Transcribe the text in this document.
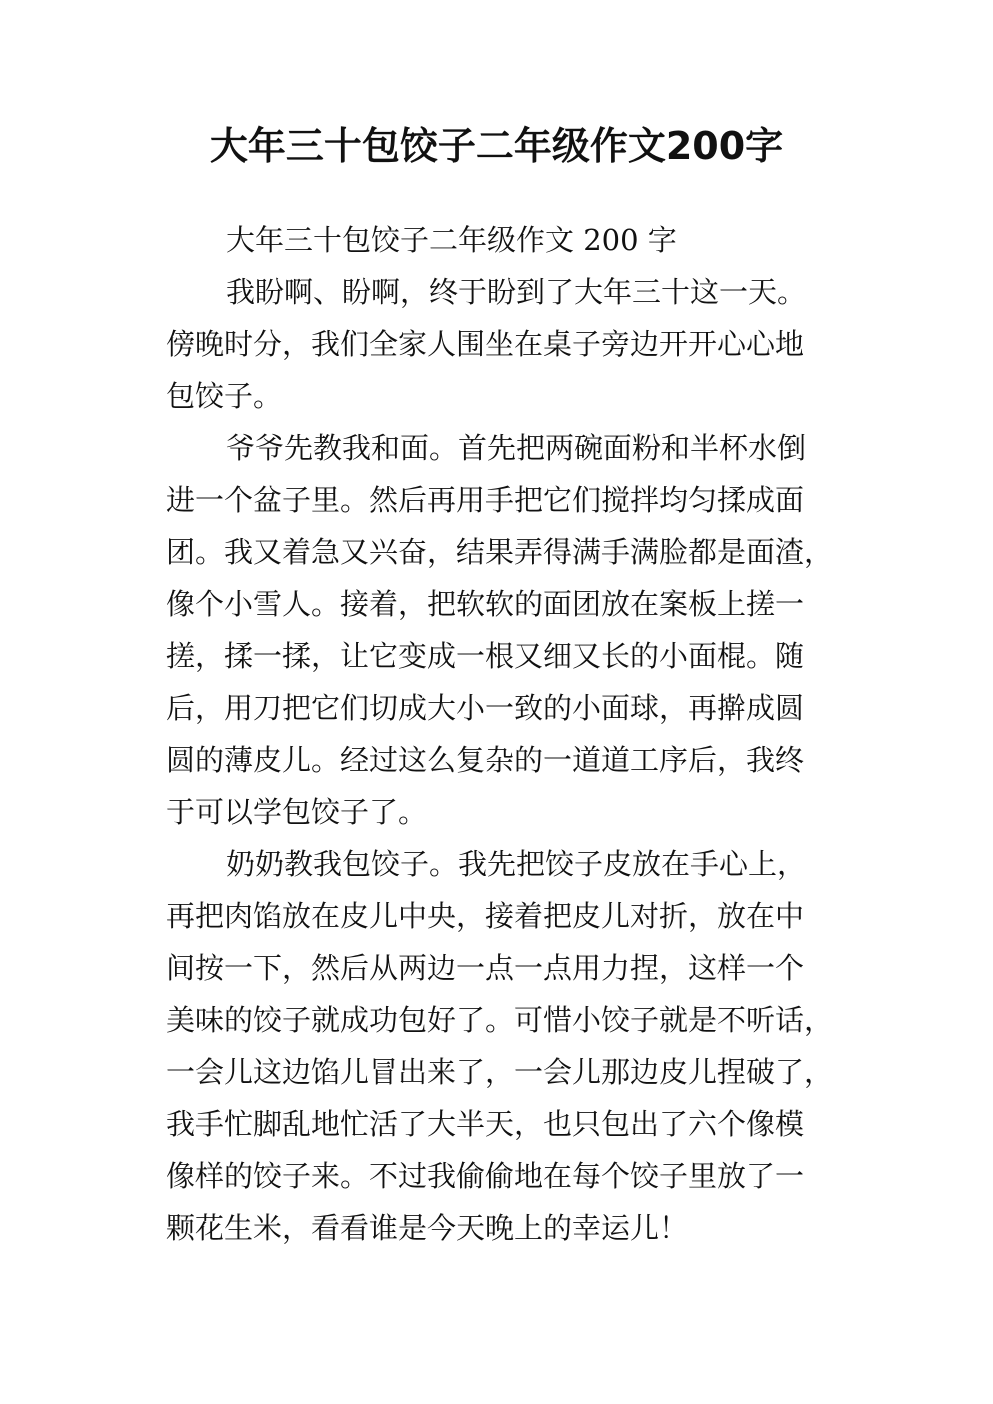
大年三十包饺子二年级作文200字
大年三十包饺子二年级作文 200 字
我盼啊、盼啊，终于盼到了大年三十这一天。
傍晚时分，我们全家人围坐在桌子旁边开开心心地
包饺子。
爷爷先教我和面。首先把两碗面粉和半杯水倒
进一个盆子里。然后再用手把它们搅拌均匀揉成面
团。我又着急又兴奋，结果弄得满手满脸都是面渣，
像个小雪人。接着，把软软的面团放在案板上搓一
搓，揉一揉，让它变成一根又细又长的小面棍。随
后，用刀把它们切成大小一致的小面球，再擀成圆
圆的薄皮儿。经过这么复杂的一道道工序后，我终
于可以学包饺子了。
奶奶教我包饺子。我先把饺子皮放在手心上，
再把肉馅放在皮儿中央，接着把皮儿对折，放在中
间按一下，然后从两边一点一点用力捏，这样一个
美味的饺子就成功包好了。可惜小饺子就是不听话，
一会儿这边馅儿冒出来了，一会儿那边皮儿捏破了，
我手忙脚乱地忙活了大半天，也只包出了六个像模
像样的饺子来。不过我偷偷地在每个饺子里放了一
颗花生米，看看谁是今天晚上的幸运儿！
